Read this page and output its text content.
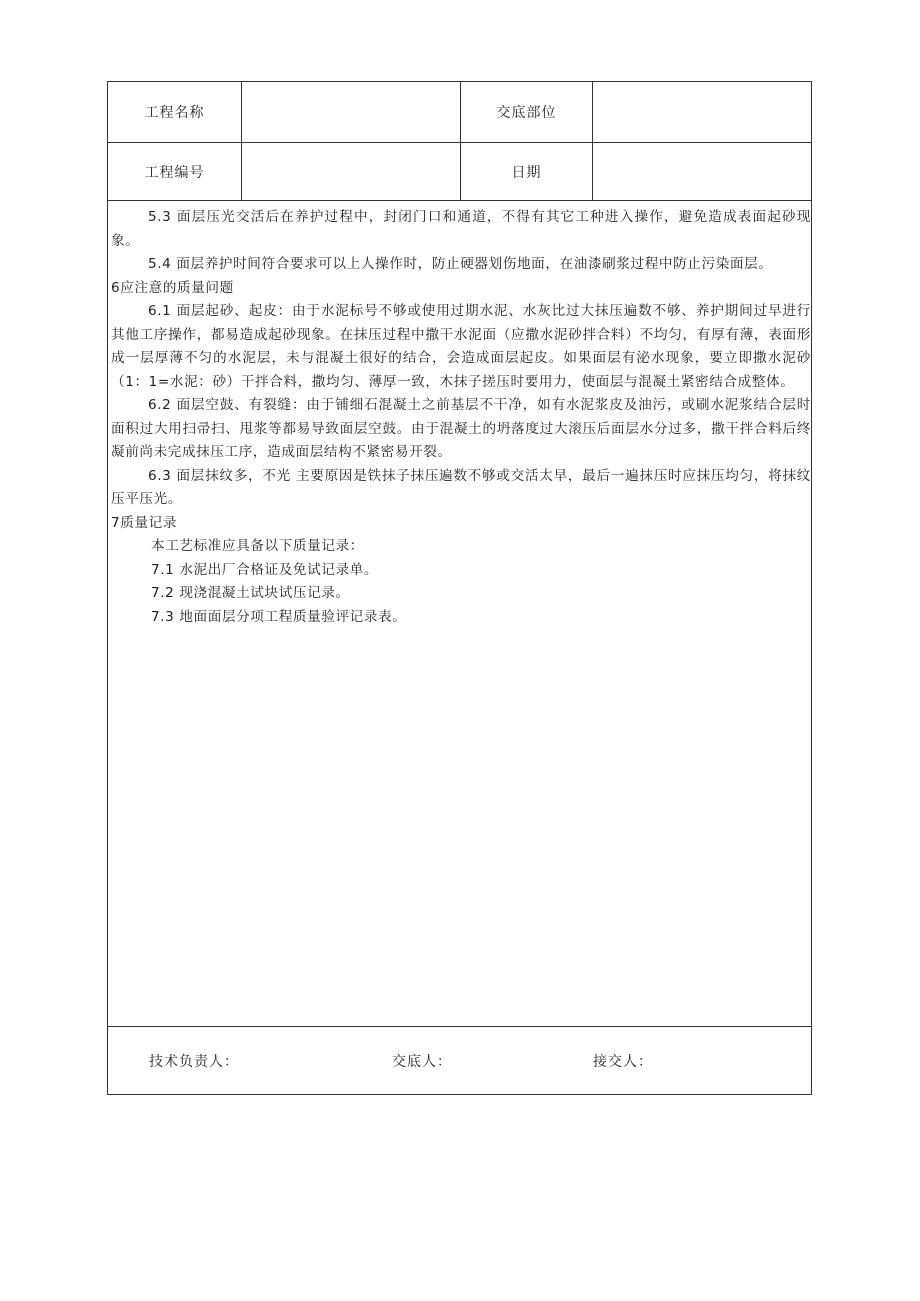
工程名称	交底部位
工程编号	日期

5.3 面层压光交活后在养护过程中，封闭门口和通道，不得有其它工种进入操作，避免造成表面起砂现象。

5.4 面层养护时间符合要求可以上人操作时，防止硬器划伤地面，在油漆刷浆过程中防止污染面层。

6应注意的质量问题

6.1 面层起砂、起皮：由于水泥标号不够或使用过期水泥、水灰比过大抹压遍数不够、养护期间过早进行其他工序操作，都易造成起砂现象。在抹压过程中撒干水泥面（应撒水泥砂拌合料）不均匀，有厚有薄，表面形成一层厚薄不匀的水泥层，未与混凝土很好的结合，会造成面层起皮。如果面层有泌水现象，要立即撒水泥砂（1：1=水泥：砂）干拌合料，撒均匀、薄厚一致，木抹子搓压时要用力，使面层与混凝土紧密结合成整体。

6.2 面层空鼓、有裂缝：由于铺细石混凝土之前基层不干净，如有水泥浆皮及油污，或刷水泥浆结合层时面积过大用扫帚扫、甩浆等都易导致面层空鼓。由于混凝土的坍落度过大滚压后面层水分过多，撒干拌合料后终凝前尚未完成抹压工序，造成面层结构不紧密易开裂。

6.3 面层抹纹多，不光 主要原因是铁抹子抹压遍数不够或交活太早，最后一遍抹压时应抹压均匀，将抹纹压平压光。

7质量记录

本工艺标准应具备以下质量记录：

7.1 水泥出厂合格证及免试记录单。

7.2 现浇混凝土试块试压记录。

7.3 地面面层分项工程质量验评记录表。

技术负责人：	交底人：	接交人：
